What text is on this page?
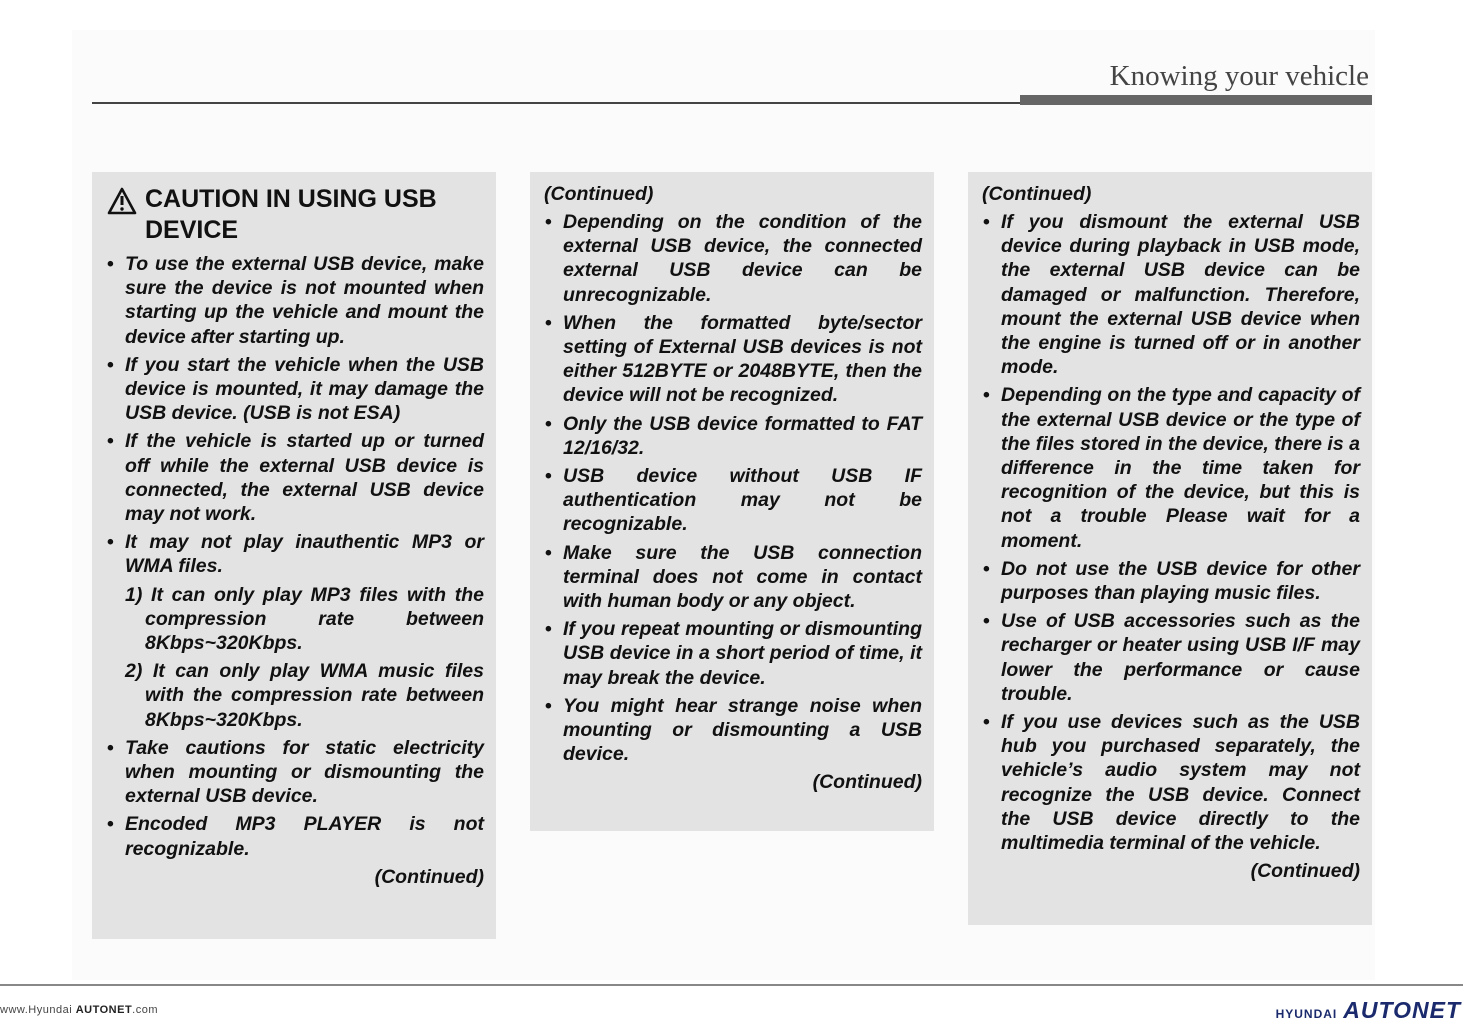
Knowing your vehicle
CAUTION IN USING USB DEVICE
• To use the external USB device, make sure the device is not mounted when starting up the vehicle and mount the device after starting up.
• If you start the vehicle when the USB device is mounted, it may damage the USB device. (USB is not ESA)
• If the vehicle is started up or turned off while the external USB device is connected, the external USB device may not work.
• It may not play inauthentic MP3 or WMA files.
1) It can only play MP3 files with the compression rate between 8Kbps~320Kbps.
2) It can only play WMA music files with the compression rate between 8Kbps~320Kbps.
• Take cautions for static electricity when mounting or dismounting the external USB device.
• Encoded MP3 PLAYER is not recognizable.
(Continued)
(Continued)
• Depending on the condition of the external USB device, the connected external USB device can be unrecognizable.
• When the formatted byte/sector setting of External USB devices is not either 512BYTE or 2048BYTE, then the device will not be recognized.
• Only the USB device formatted to FAT 12/16/32.
• USB device without USB IF authentication may not be recognizable.
• Make sure the USB connection terminal does not come in contact with human body or any object.
• If you repeat mounting or dismounting USB device in a short period of time, it may break the device.
• You might hear strange noise when mounting or dismounting a USB device.
(Continued)
(Continued)
• If you dismount the external USB device during playback in USB mode, the external USB device can be damaged or malfunction. Therefore, mount the external USB device when the engine is turned off or in another mode.
• Depending on the type and capacity of the external USB device or the type of the files stored in the device, there is a difference in the time taken for recognition of the device, but this is not a trouble Please wait for a moment.
• Do not use the USB device for other purposes than playing music files.
• Use of USB accessories such as the recharger or heater using USB I/F may lower the performance or cause trouble.
• If you use devices such as the USB hub you purchased separately, the vehicle’s audio system may not recognize the USB device. Connect the USB device directly to the multimedia terminal of the vehicle.
(Continued)
www.Hyundai AUTONET.com	HYUNDAI AUTONET
